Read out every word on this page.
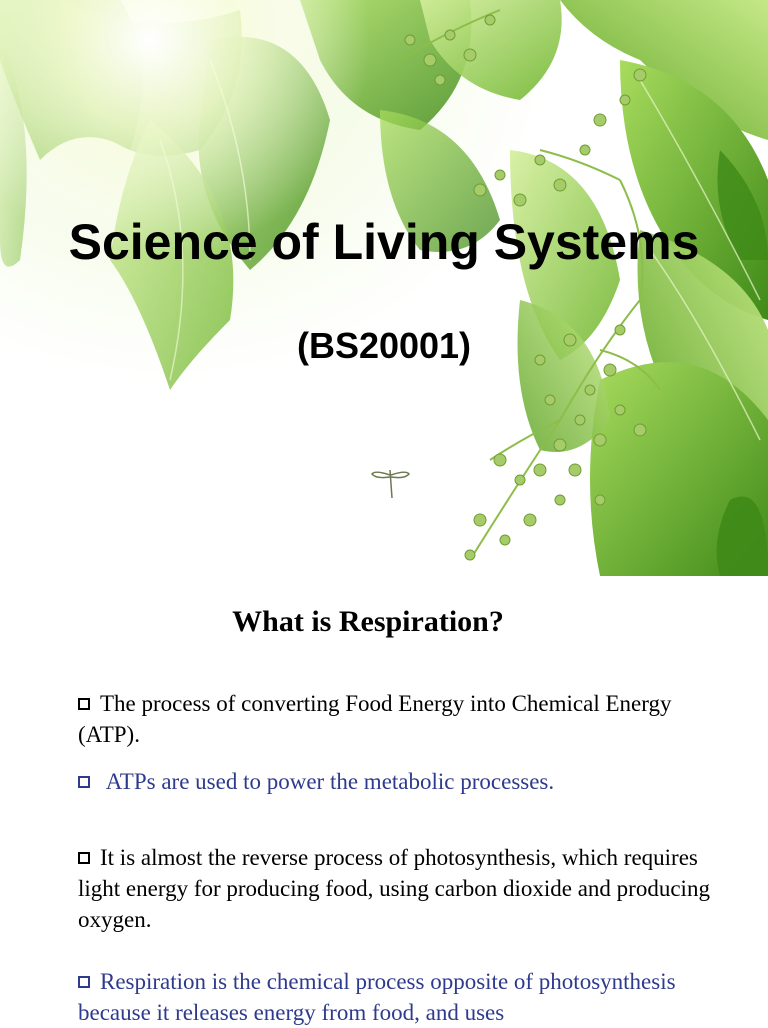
Science of Living Systems
(BS20001)
What is Respiration?

The process of converting Food Energy into Chemical Energy (ATP).

ATPs are used to power the metabolic processes.

It is almost the reverse process of photosynthesis, which requires light energy for producing food, using carbon dioxide and producing oxygen.

Respiration is the chemical process opposite of photosynthesis because it releases energy from food, and uses
